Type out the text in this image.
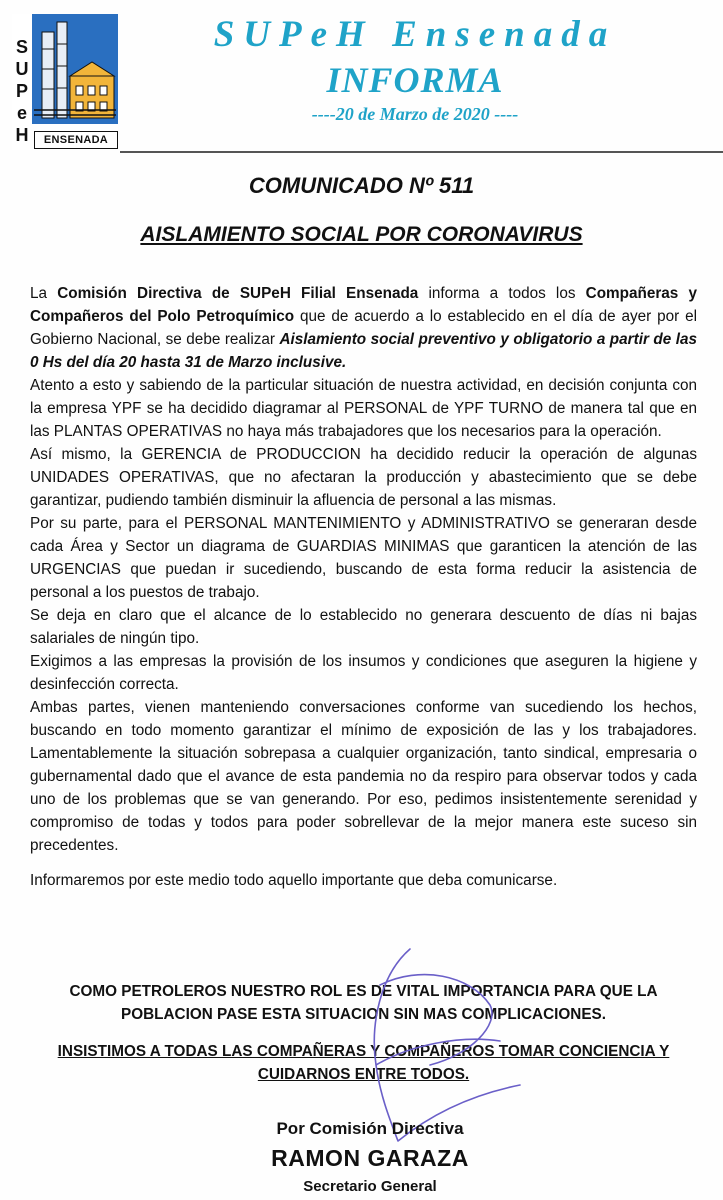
S
U
P
e
H	ENSENADA
SUPeH Ensenada
INFORMA
----20 de Marzo de 2020 ----
COMUNICADO Nº 511
AISLAMIENTO SOCIAL POR CORONAVIRUS

La Comisión Directiva de SUPeH Filial Ensenada informa a todos los Compañeras y Compañeros del Polo Petroquímico que de acuerdo a lo establecido en el día de ayer por el Gobierno Nacional, se debe realizar Aislamiento social preventivo y obligatorio a partir de las 0 Hs del día 20 hasta 31 de Marzo inclusive.

Atento a esto y sabiendo de la particular situación de nuestra actividad, en decisión conjunta con la empresa YPF se ha decidido diagramar al PERSONAL de YPF TURNO de manera tal que en las PLANTAS OPERATIVAS no haya más trabajadores que los necesarios para la operación.

Así mismo, la GERENCIA de PRODUCCION ha decidido reducir la operación de algunas UNIDADES OPERATIVAS, que no afectaran la producción y abastecimiento que se debe garantizar, pudiendo también disminuir la afluencia de personal a las mismas.

Por su parte, para el PERSONAL MANTENIMIENTO y ADMINISTRATIVO se generaran desde cada Área y Sector un diagrama de GUARDIAS MINIMAS que garanticen la atención de las URGENCIAS que puedan ir sucediendo, buscando de esta forma reducir la asistencia de personal a los puestos de trabajo.

Se deja en claro que el alcance de lo establecido no generara descuento de días ni bajas salariales de ningún tipo.

Exigimos a las empresas la provisión de los insumos y condiciones que aseguren la higiene y desinfección correcta.

Ambas partes, vienen manteniendo conversaciones conforme van sucediendo los hechos, buscando en todo momento garantizar el mínimo de exposición de las y los trabajadores. Lamentablemente la situación sobrepasa a cualquier organización, tanto sindical, empresaria o gubernamental dado que el avance de esta pandemia no da respiro para observar todos y cada uno de los problemas que se van generando. Por eso, pedimos insistentemente serenidad y compromiso de todas y todos para poder sobrellevar de la mejor manera este suceso sin precedentes.

Informaremos por este medio todo aquello importante que deba comunicarse.

COMO PETROLEROS NUESTRO ROL ES DE VITAL IMPORTANCIA PARA QUE LA
POBLACION PASE ESTA SITUACION SIN MAS COMPLICACIONES.
INSISTIMOS A TODAS LAS COMPAÑERAS Y COMPAÑEROS TOMAR CONCIENCIA Y
CUIDARNOS ENTRE TODOS.
Por Comisión Directiva
RAMON GARAZA
Secretario General
